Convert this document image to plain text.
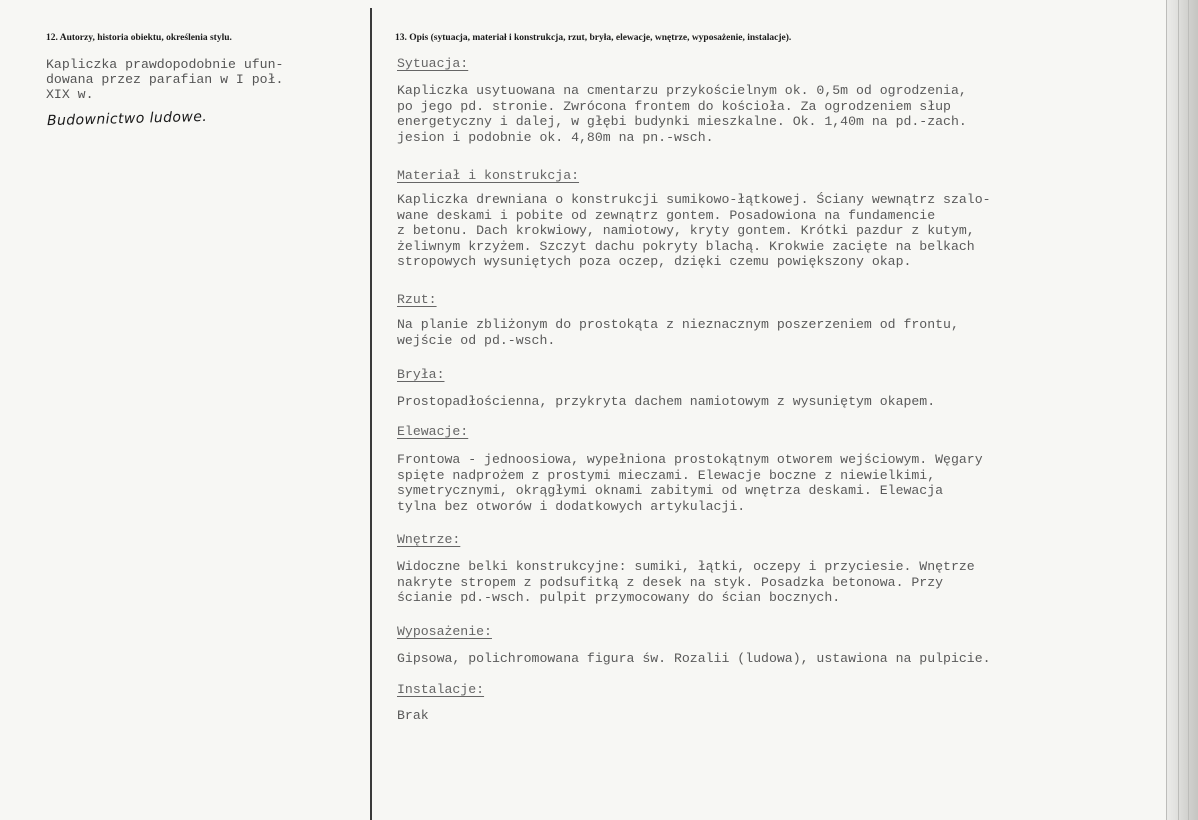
12. Autorzy, historia obiektu, określenia stylu.
Kapliczka prawdopodobnie ufun-
dowana przez parafian w I poł.
XIX w.
Budownictwo ludowe.
13. Opis (sytuacja, materiał i konstrukcja, rzut, bryła, elewacje, wnętrze, wyposażenie, instalacje).
Sytuacja:
Kapliczka usytuowana na cmentarzu przykościelnym ok. 0,5m od ogrodzenia,
po jego pd. stronie. Zwrócona frontem do kościoła. Za ogrodzeniem słup
energetyczny i dalej, w głębi budynki mieszkalne. Ok. 1,40m na pd.-zach.
jesion i podobnie ok. 4,80m na pn.-wsch.
Materiał i konstrukcja:
Kapliczka drewniana o konstrukcji sumikowo-łątkowej. Ściany wewnątrz szalo-
wane deskami i pobite od zewnątrz gontem. Posadowiona na fundamencie
z betonu. Dach krokwiowy, namiotowy, kryty gontem. Krótki pazdur z kutym,
żeliwnym krzyżem. Szczyt dachu pokryty blachą. Krokwie zacięte na belkach
stropowych wysuniętych poza oczep, dzięki czemu powiększony okap.
Rzut:
Na planie zbliżonym do prostokąta z nieznacznym poszerzeniem od frontu,
wejście od pd.-wsch.
Bryła:
Prostopadłościenna, przykryta dachem namiotowym z wysuniętym okapem.
Elewacje:
Frontowa - jednoosiowa, wypełniona prostokątnym otworem wejściowym. Węgary
spięte nadprożem z prostymi mieczami. Elewacje boczne z niewielkimi,
symetrycznymi, okrągłymi oknami zabitymi od wnętrza deskami. Elewacja
tylna bez otworów i dodatkowych artykulacji.
Wnętrze:
Widoczne belki konstrukcyjne: sumiki, łątki, oczepy i przyciesie. Wnętrze
nakryte stropem z podsufitką z desek na styk. Posadzka betonowa. Przy
ścianie pd.-wsch. pulpit przymocowany do ścian bocznych.
Wyposażenie:
Gipsowa, polichromowana figura św. Rozalii (ludowa), ustawiona na pulpicie.
Instalacje:
Brak
